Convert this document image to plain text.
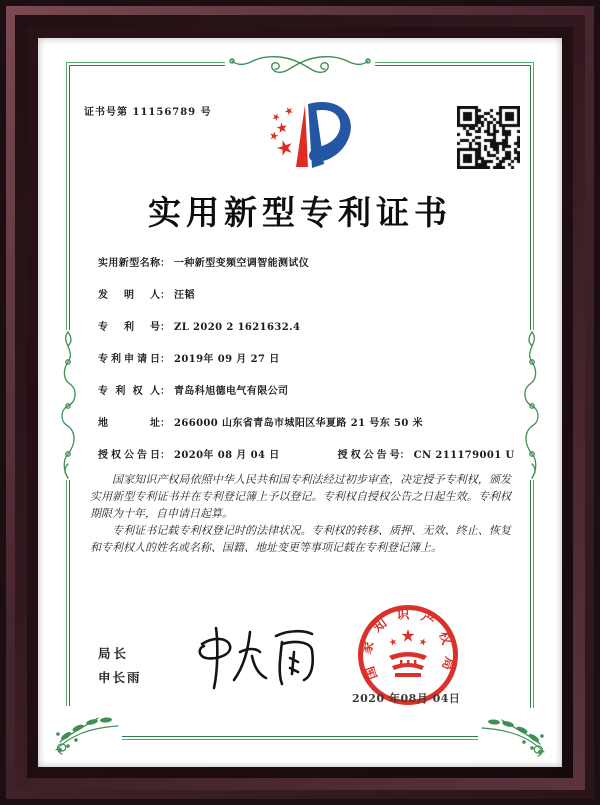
证书号第 11156789 号
实用新型专利证书
实用新型名称： 一种新型变频空调智能测试仪
发明人： 汪韬
专利号： ZL 2020 2 1621632.4
专利申请日： 2019年 09 月 27 日
专利权人： 青岛科旭德电气有限公司
地址： 266000 山东省青岛市城阳区华夏路 21 号东 50 米
授权公告日： 2020年 08 月 04 日	授权公告号： CN 211179001 U

国家知识产权局依照中华人民共和国专利法经过初步审查，决定授予专利权，颁发实用新型专利证书并在专利登记簿上予以登记。专利权自授权公告之日起生效。专利权期限为十年，自申请日起算。

专利证书记载专利权登记时的法律状况。专利权的转移、质押、无效、终止、恢复和专利权人的姓名或名称、国籍、地址变更等事项记载在专利登记簿上。

局长
申长雨	国家知识产权局
2020 年08月 04日
